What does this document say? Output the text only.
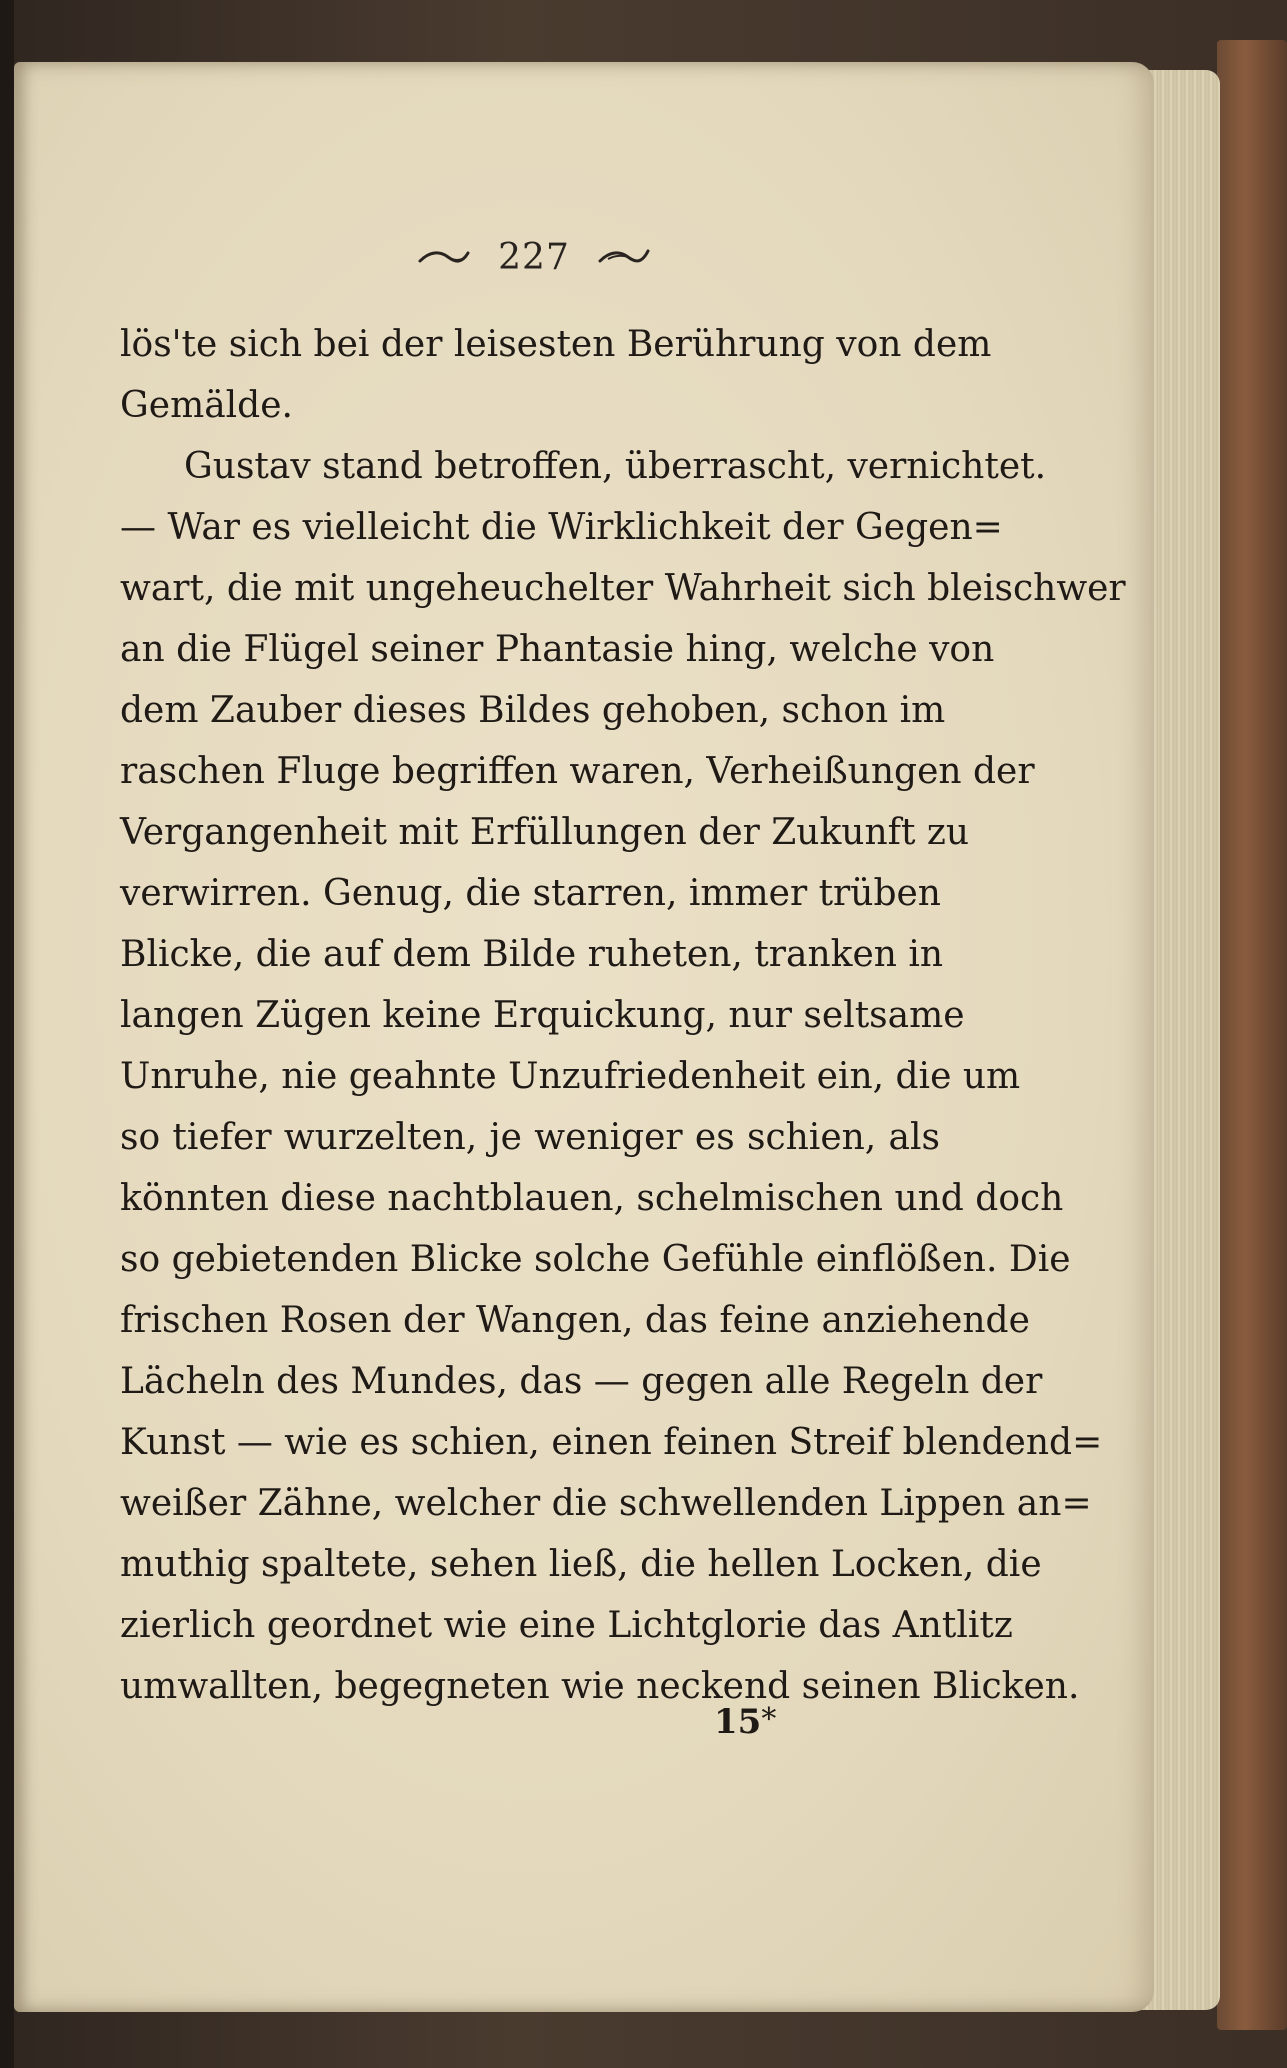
227
lös'te sich bei der leisesten Berührung von dem
Gemälde.
Gustav stand betroffen, überrascht, vernichtet.
— War es vielleicht die Wirklichkeit der Gegen=
wart, die mit ungeheuchelter Wahrheit sich bleischwer
an die Flügel seiner Phantasie hing, welche von
dem Zauber dieses Bildes gehoben, schon im
raschen Fluge begriffen waren, Verheißungen der
Vergangenheit mit Erfüllungen der Zukunft zu
verwirren. Genug, die starren, immer trüben
Blicke, die auf dem Bilde ruheten, tranken in
langen Zügen keine Erquickung, nur seltsame
Unruhe, nie geahnte Unzufriedenheit ein, die um
so tiefer wurzelten, je weniger es schien, als
könnten diese nachtblauen, schelmischen und doch
so gebietenden Blicke solche Gefühle einflößen. Die
frischen Rosen der Wangen, das feine anziehende
Lächeln des Mundes, das — gegen alle Regeln der
Kunst — wie es schien, einen feinen Streif blendend=
weißer Zähne, welcher die schwellenden Lippen an=
muthig spaltete, sehen ließ, die hellen Locken, die
zierlich geordnet wie eine Lichtglorie das Antlitz
umwallten, begegneten wie neckend seinen Blicken.
15*
